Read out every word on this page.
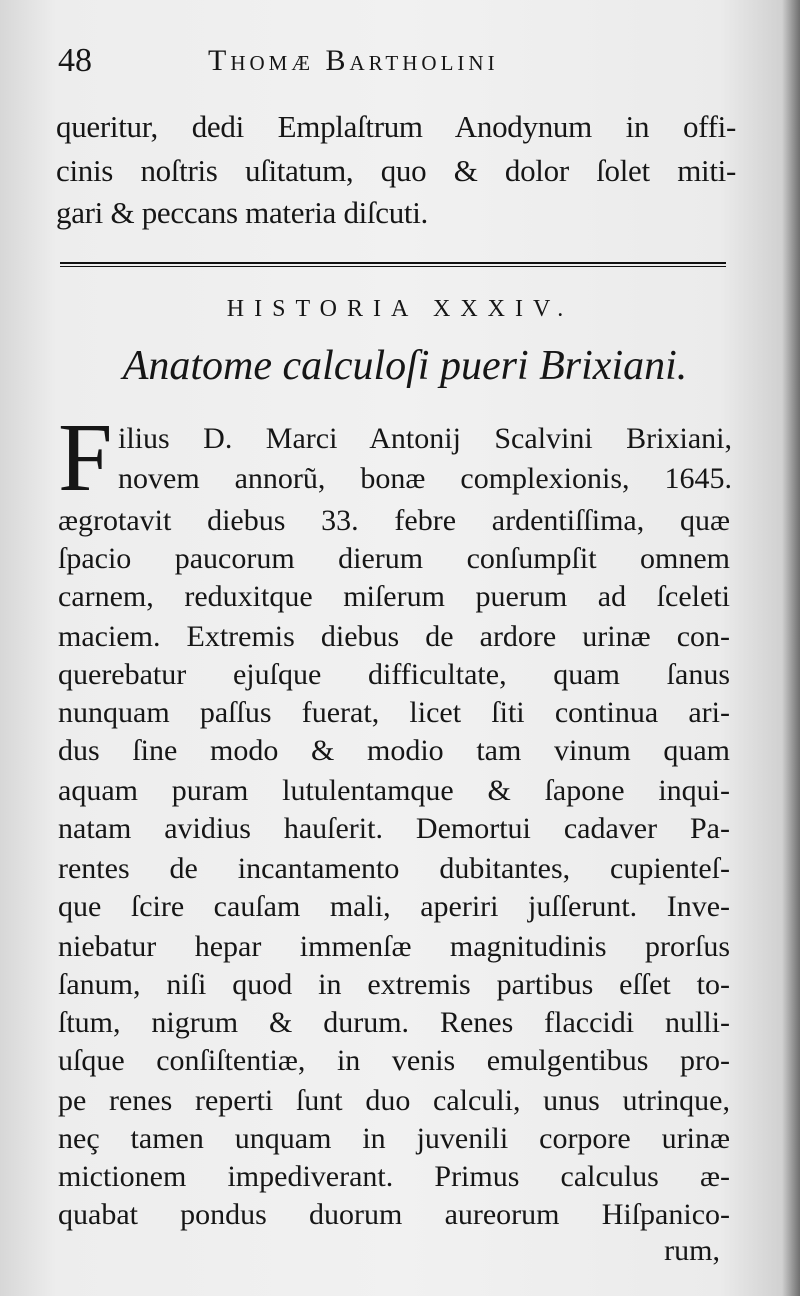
48	Thomæ Bartholini
queritur, dedi Emplaſtrum Anodynum in offi-
cinis noſtris uſitatum, quo & dolor ſolet miti-
gari & peccans materia diſcuti.
HISTORIA XXXIV.
Anatome calculoſi pueri Brixiani.
F ilius D. Marci Antonij Scalvini Brixiani,
novem annorũ, bonæ complexionis, 1645.
ægrotavit diebus 33. febre ardentiſſima, quæ
ſpacio paucorum dierum conſumpſit omnem
carnem, reduxitque miſerum puerum ad ſceleti
maciem. Extremis diebus de ardore urinæ con-
querebatur ejuſque difficultate, quam ſanus
nunquam paſſus fuerat, licet ſiti continua ari-
dus ſine modo & modio tam vinum quam
aquam puram lutulentamque & ſapone inqui-
natam avidius hauſerit. Demortui cadaver Pa-
rentes de incantamento dubitantes, cupienteſ-
que ſcire cauſam mali, aperiri juſſerunt. Inve-
niebatur hepar immenſæ magnitudinis prorſus
ſanum, niſi quod in extremis partibus eſſet to-
ſtum, nigrum & durum. Renes flaccidi nulli-
uſque conſiſtentiæ, in venis emulgentibus pro-
pe renes reperti ſunt duo calculi, unus utrinque,
neç tamen unquam in juvenili corpore urinæ
mictionem impediverant. Primus calculus æ-
quabat pondus duorum aureorum Hiſpanico-
rum,
